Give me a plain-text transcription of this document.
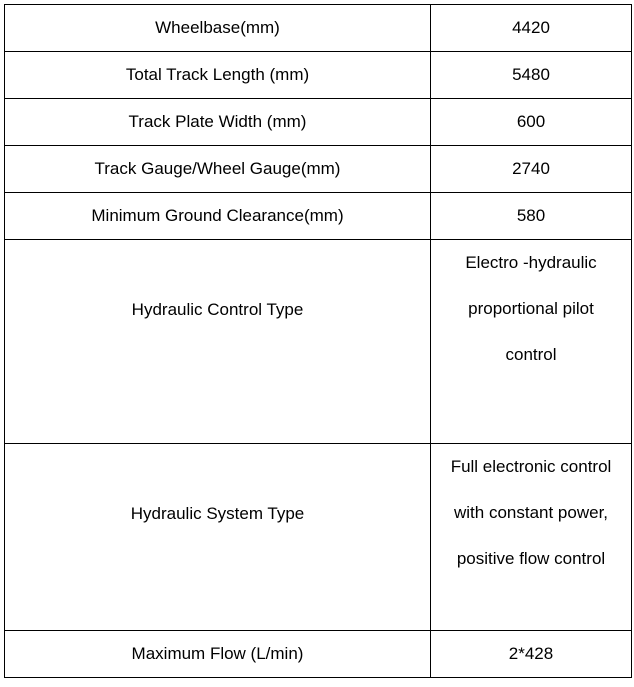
Wheelbase(mm)	4420
Total Track Length (mm)	5480
Track Plate Width (mm)	600
Track Gauge/Wheel Gauge(mm)	2740
Minimum Ground Clearance(mm)	580
Hydraulic Control Type	Electro -hydraulic
proportional pilot
control

Hydraulic System Type	Full electronic control
with constant power,
positive flow control

Maximum Flow (L/min)	2*428
